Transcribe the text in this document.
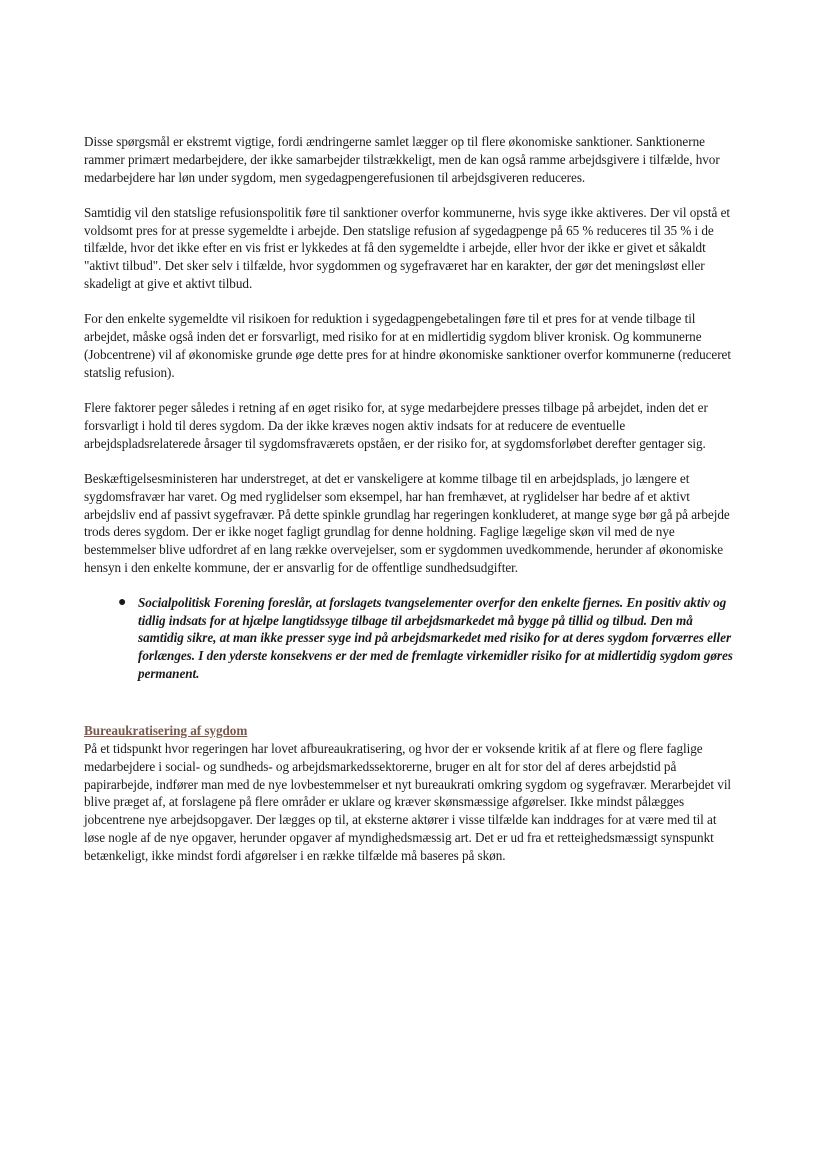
Disse spørgsmål er ekstremt vigtige, fordi ændringerne samlet lægger op til flere økonomiske sanktioner. Sanktionerne rammer primært medarbejdere, der ikke samarbejder tilstrækkeligt, men de kan også ramme arbejdsgivere i tilfælde, hvor medarbejdere har løn under sygdom, men sygedagpengerefusionen til arbejdsgiveren reduceres.

Samtidig vil den statslige refusionspolitik føre til sanktioner overfor kommunerne, hvis syge ikke aktiveres. Der vil opstå et voldsomt pres for at presse sygemeldte i arbejde. Den statslige refusion af sygedagpenge på 65 % reduceres til 35 % i de tilfælde, hvor det ikke efter en vis frist er lykkedes at få den sygemeldte i arbejde, eller hvor der ikke er givet et såkaldt "aktivt tilbud". Det sker selv i tilfælde, hvor sygdommen og sygefraværet har en karakter, der gør det meningsløst eller skadeligt at give et aktivt tilbud.

For den enkelte sygemeldte vil risikoen for reduktion i sygedagpengebetalingen føre til et pres for at vende tilbage til arbejdet, måske også inden det er forsvarligt, med risiko for at en midlertidig sygdom bliver kronisk. Og kommunerne (Jobcentrene) vil af økonomiske grunde øge dette pres for at hindre økonomiske sanktioner overfor kommunerne (reduceret statslig refusion).

Flere faktorer peger således i retning af en øget risiko for, at syge medarbejdere presses tilbage på arbejdet, inden det er forsvarligt i hold til deres sygdom. Da der ikke kræves nogen aktiv indsats for at reducere de eventuelle arbejdspladsrelaterede årsager til sygdomsfraværets opståen, er der risiko for, at sygdomsforløbet derefter gentager sig.

Beskæftigelsesministeren har understreget, at det er vanskeligere at komme tilbage til en arbejdsplads, jo længere et sygdomsfravær har varet. Og med ryglidelser som eksempel, har han fremhævet, at ryglidelser har bedre af et aktivt arbejdsliv end af passivt sygefravær. På dette spinkle grundlag har regeringen konkluderet, at mange syge bør gå på arbejde trods deres sygdom. Der er ikke noget fagligt grundlag for denne holdning. Faglige lægelige skøn vil med de nye bestemmelser blive udfordret af en lang række overvejelser, som er sygdommen uvedkommende, herunder af økonomiske hensyn i den enkelte kommune, der er ansvarlig for de offentlige sundhedsudgifter.

● Socialpolitisk Forening foreslår, at forslagets tvangselementer overfor den enkelte fjernes. En positiv aktiv og tidlig indsats for at hjælpe langtidssyge tilbage til arbejdsmarkedet må bygge på tillid og tilbud. Den må samtidig sikre, at man ikke presser syge ind på arbejdsmarkedet med risiko for at deres sygdom forværres eller forlænges. I den yderste konsekvens er der med de fremlagte virkemidler risiko for at midlertidig sygdom gøres permanent.

Bureaukratisering af sygdom

På et tidspunkt hvor regeringen har lovet afbureaukratisering, og hvor der er voksende kritik af at flere og flere faglige medarbejdere i social- og sundheds- og arbejdsmarkedssektorerne, bruger en alt for stor del af deres arbejdstid på papirarbejde, indfører man med de nye lovbestemmelser et nyt bureaukrati omkring sygdom og sygefravær. Merarbejdet vil blive præget af, at forslagene på flere områder er uklare og kræver skønsmæssige afgørelser. Ikke mindst pålægges jobcentrene nye arbejdsopgaver. Der lægges op til, at eksterne aktører i visse tilfælde kan inddrages for at være med til at løse nogle af de nye opgaver, herunder opgaver af myndighedsmæssig art. Det er ud fra et retteighedsmæssigt synspunkt betænkeligt, ikke mindst fordi afgørelser i en række tilfælde må baseres på skøn.
